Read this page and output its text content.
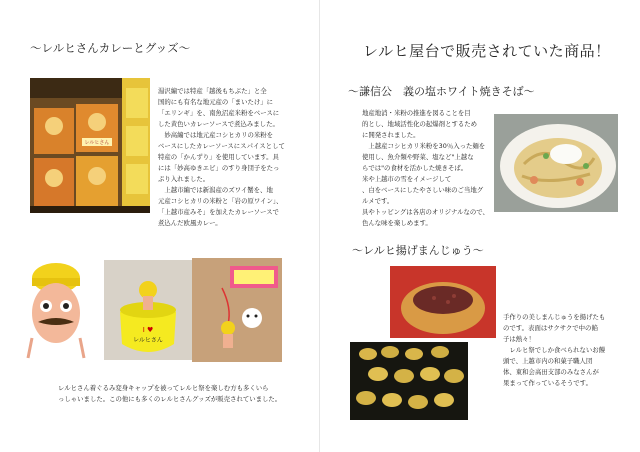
～レルヒさんカレーとグッズ～
レルヒさん
湯沢編では特産「越後もちぶた」と全
国的にも有名な地元産の「まいたけ」に
「エリンギ」を、南魚沼産米粉をベースに
した黄色いカレーソースで煮込みました。
　妙高編では地元産コシヒカリの米粉を
ベースにしたカレーソースにスパイスとして
特産の「かんずり」を使用しています。具
には「妙高ゆきエビ」のすり身団子をたっ
ぷり入れました。
　上越市編では新潟産のズワイ蟹を、地
元産コシヒカリの米粉と「岩の原ワイン」、
「上越市産みそ」を加えたカレーソースで
煮込んだ欧風カレー。
I ♥
レルヒさん
レルヒさん着ぐるみ変身キャップを被ってレルヒ祭を楽しむ方も多くいら
っしゃいました。この他にも多くのレルヒさんグッズが販売されていました。
レルヒ屋台で販売されていた商品！
～謙信公　義の塩ホワイト焼きそば～
地産地消・米粉の推進を図ることを目
的とし、地域活性化の起爆剤とするため
に開発されました。
　上越産コシヒカリ米粉を30％入った麺を
使用し、魚介類や野菜、塩など"上越な
らでは"の食材を活かした焼きそば。
米や上越市の雪をイメージして
、白をベースにしたやさしい味のご当地グ
ルメです。
具やトッピングは各店のオリジナルなので、
色んな味を楽しめます。
～レルヒ揚げまんじゅう～
手作りの美しまんじゅうを揚げたも
のです。表面はサクサクで中の餡
子は熱々！
　レルヒ祭でしか食べられないお饅
頭で、上越市内の和菓子職人団
体、東和会高田支部のみなさんが
果まって作っているそうです。
